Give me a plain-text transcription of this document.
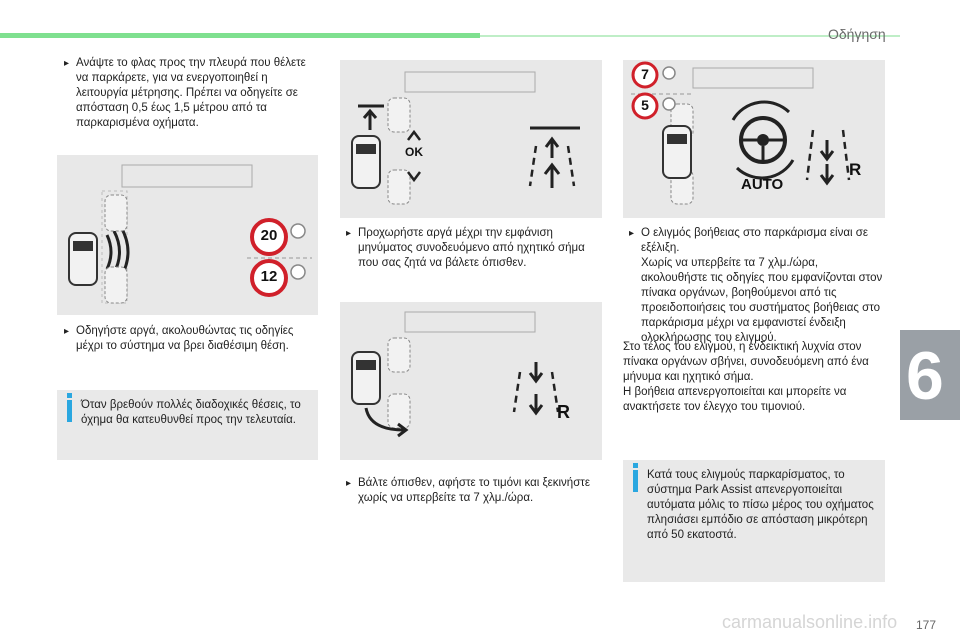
Οδήγηση
6
carmanualsonline.info 177
▸ Ανάψτε το φλας προς την πλευρά που θέλετε να παρκάρετε, για να ενεργοποιηθεί η λειτουργία μέτρησης. Πρέπει να οδηγείτε σε απόσταση 0,5 έως 1,5 μέτρου από τα παρκαρισμένα οχήματα.
20
12
▸ Οδηγήστε αργά, ακολουθώντας τις οδηγίες μέχρι το σύστημα να βρει διαθέσιμη θέση.
Όταν βρεθούν πολλές διαδοχικές θέσεις, το όχημα θα κατευθυνθεί προς την τελευταία.
OK
▸ Προχωρήστε αργά μέχρι την εμφάνιση μηνύματος συνοδευόμενο από ηχητικό σήμα που σας ζητά να βάλετε όπισθεν.
R
▸ Βάλτε όπισθεν, αφήστε το τιμόνι και ξεκινήστε χωρίς να υπερβείτε τα 7 χλμ./ώρα.
7
5
AUTO
R
▸ Ο ελιγμός βοήθειας στο παρκάρισμα είναι σε εξέλιξη.
Χωρίς να υπερβείτε τα 7 χλμ./ώρα, ακολουθήστε τις οδηγίες που εμφανίζονται στον πίνακα οργάνων, βοηθούμενοι από τις προειδοποιήσεις του συστήματος βοήθειας στο παρκάρισμα μέχρι να εμφανιστεί ένδειξη ολοκλήρωσης του ελιγμού.
Στο τέλος του ελιγμού, η ενδεικτική λυχνία στον πίνακα οργάνων σβήνει, συνοδευόμενη από ένα μήνυμα και ηχητικό σήμα.
Η βοήθεια απενεργοποιείται και μπορείτε να ανακτήσετε τον έλεγχο του τιμονιού.
Κατά τους ελιγμούς παρκαρίσματος, το σύστημα Park Assist απενεργοποιείται αυτόματα μόλις το πίσω μέρος του οχήματος πλησιάσει εμπόδιο σε απόσταση μικρότερη από 50 εκατοστά.
